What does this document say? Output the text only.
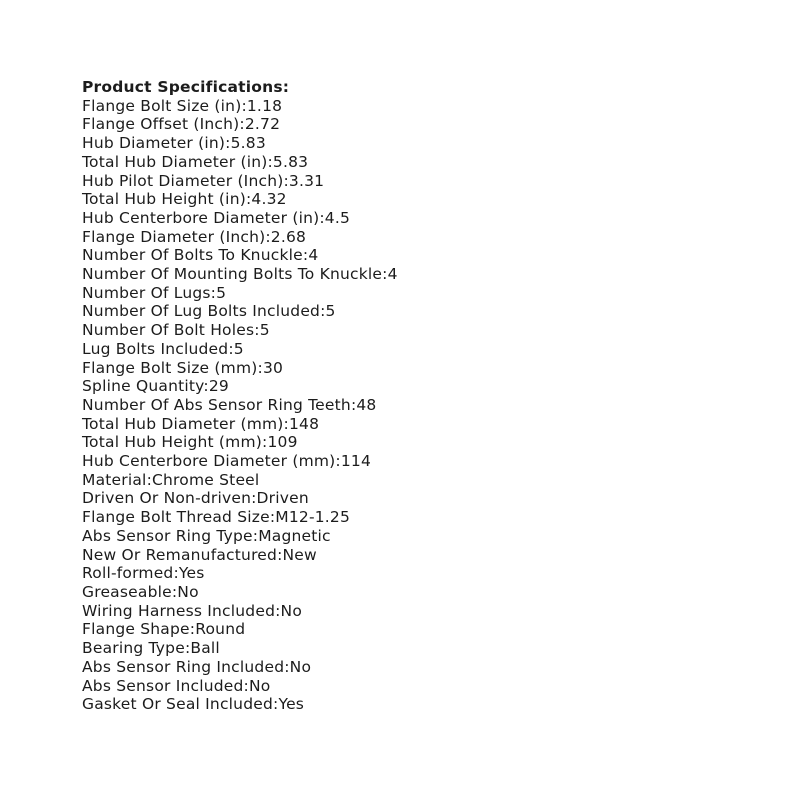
Product Specifications:
Flange Bolt Size (in):1.18
Flange Offset (Inch):2.72
Hub Diameter (in):5.83
Total Hub Diameter (in):5.83
Hub Pilot Diameter (Inch):3.31
Total Hub Height (in):4.32
Hub Centerbore Diameter (in):4.5
Flange Diameter (Inch):2.68
Number Of Bolts To Knuckle:4
Number Of Mounting Bolts To Knuckle:4
Number Of Lugs:5
Number Of Lug Bolts Included:5
Number Of Bolt Holes:5
Lug Bolts Included:5
Flange Bolt Size (mm):30
Spline Quantity:29
Number Of Abs Sensor Ring Teeth:48
Total Hub Diameter (mm):148
Total Hub Height (mm):109
Hub Centerbore Diameter (mm):114
Material:Chrome Steel
Driven Or Non-driven:Driven
Flange Bolt Thread Size:M12-1.25
Abs Sensor Ring Type:Magnetic
New Or Remanufactured:New
Roll-formed:Yes
Greaseable:No
Wiring Harness Included:No
Flange Shape:Round
Bearing Type:Ball
Abs Sensor Ring Included:No
Abs Sensor Included:No
Gasket Or Seal Included:Yes
